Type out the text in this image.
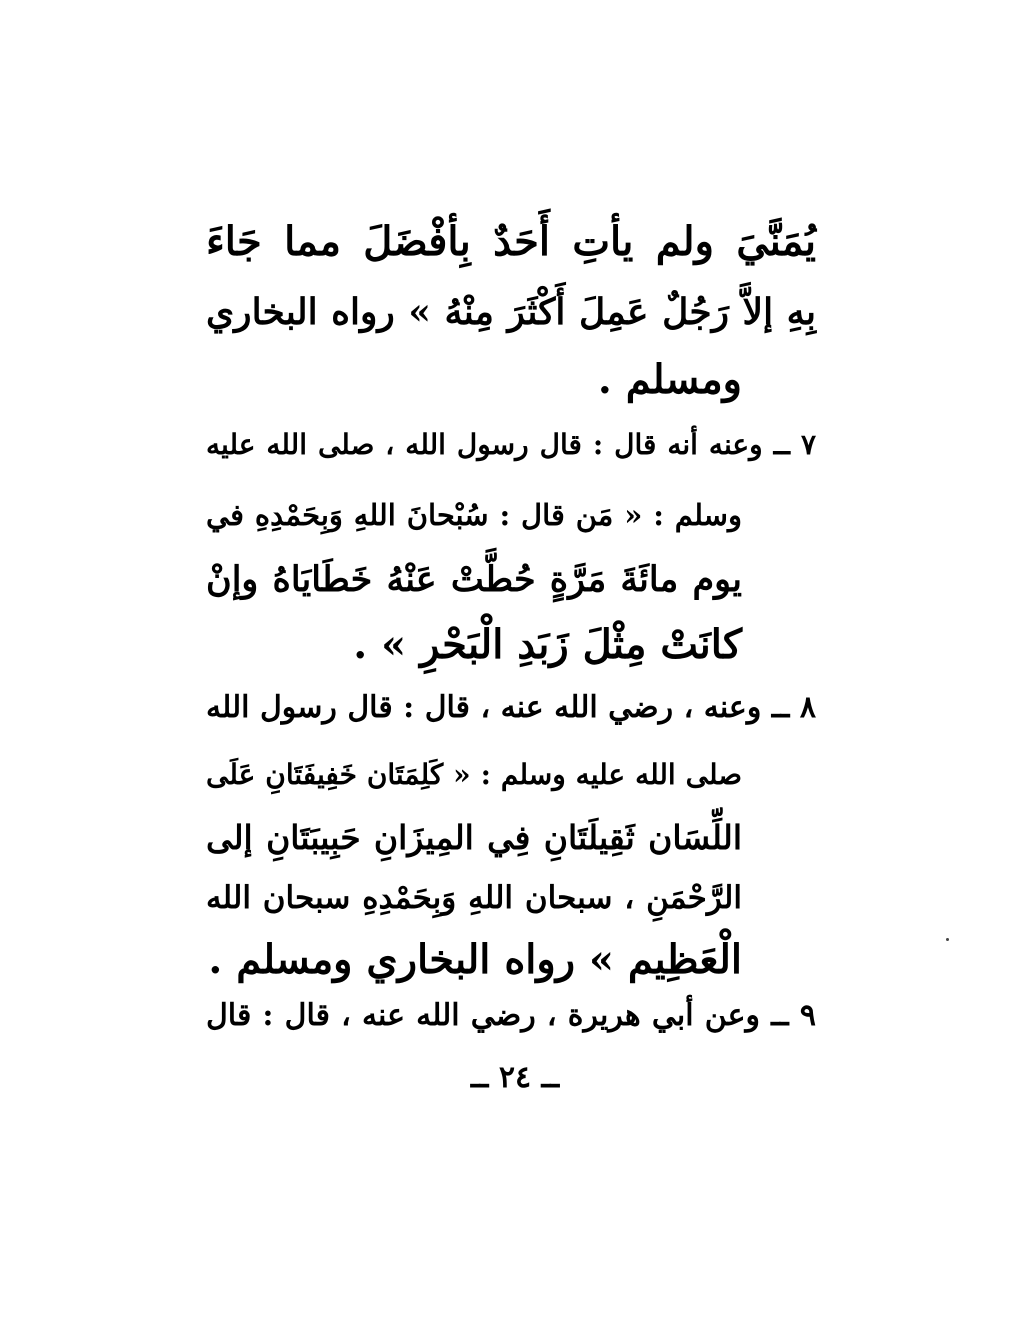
يُمَنَّيَ ولم يأتِ أَحَدٌ بِأفْضَلَ مما جَاءَ
بِهِ إلاَّ رَجُلٌ عَمِلَ أَكْثَرَ مِنْهُ » رواه البخاري
ومسلم .
٧ ــ وعنه أنه قال : قال رسول الله ، صلى الله عليه
وسلم : « مَن قال : سُبْحانَ اللهِ وَبِحَمْدِهِ في
يوم مائَةَ مَرَّةٍ حُطَّتْ عَنْهُ خَطَايَاهُ وإنْ
كانَتْ مِثْلَ زَبَدِ الْبَحْرِ » .
٨ ــ وعنه ، رضي الله عنه ، قال : قال رسول الله
صلى الله عليه وسلم : « كَلِمَتَان خَفِيفَتَانِ عَلَى
اللِّسَان ثَقِيلَتَانِ فِي المِيزَانِ حَبِيبَتَانِ إلى
الرَّحْمَنِ ، سبحان اللهِ وَبِحَمْدِهِ سبحان الله
الْعَظِيم » رواه البخاري ومسلم .
٩ ــ وعن أبي هريرة ، رضي الله عنه ، قال : قال
ــ ٢٤ ــ
